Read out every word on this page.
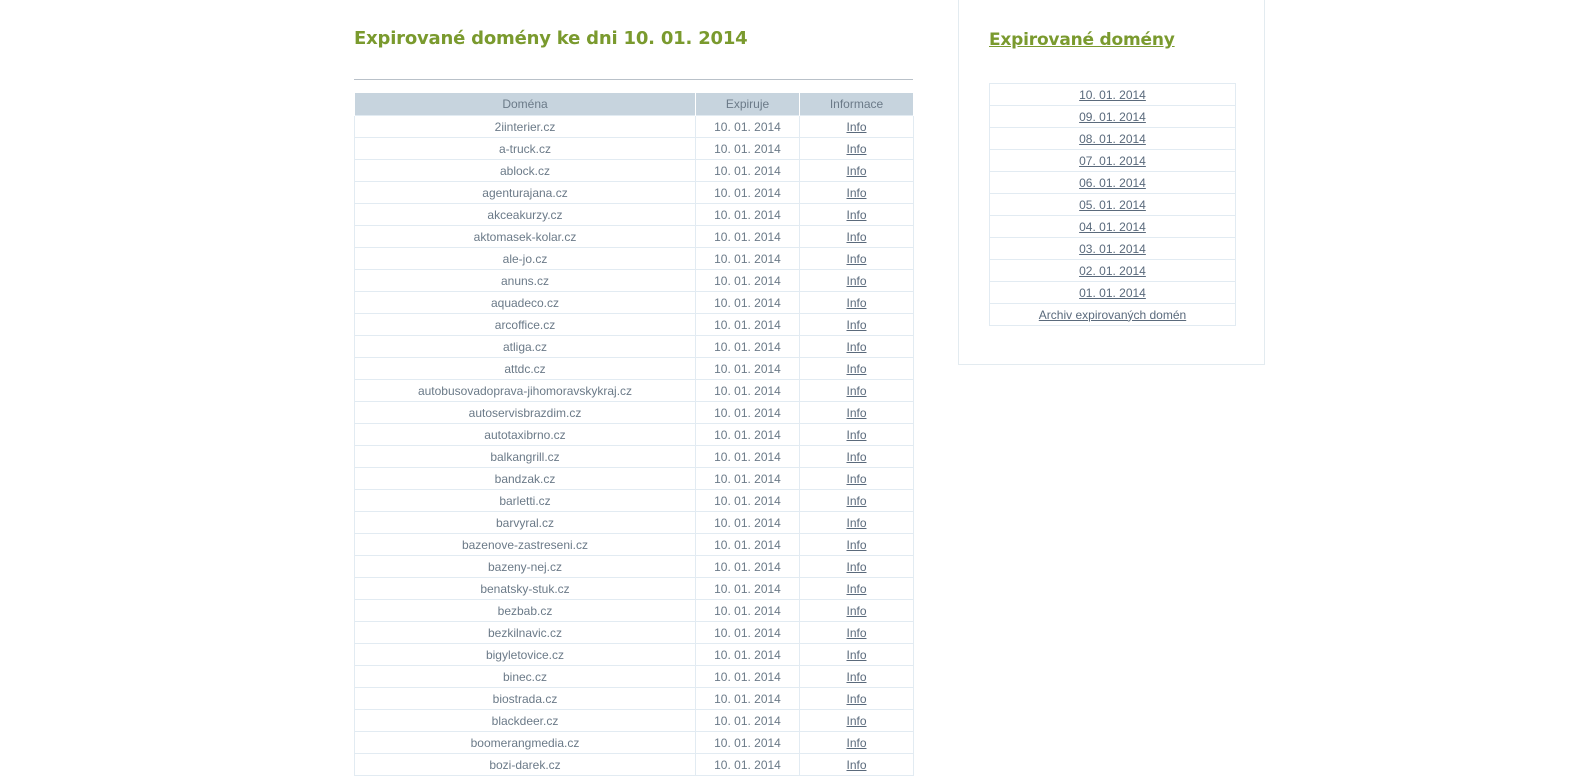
Expirované domény ke dni 10. 01. 2014
Doména	Expiruje	Informace
2iinterier.cz	10. 01. 2014	Info
a-truck.cz	10. 01. 2014	Info
ablock.cz	10. 01. 2014	Info
agenturajana.cz	10. 01. 2014	Info
akceakurzy.cz	10. 01. 2014	Info
aktomasek-kolar.cz	10. 01. 2014	Info
ale-jo.cz	10. 01. 2014	Info
anuns.cz	10. 01. 2014	Info
aquadeco.cz	10. 01. 2014	Info
arcoffice.cz	10. 01. 2014	Info
atliga.cz	10. 01. 2014	Info
attdc.cz	10. 01. 2014	Info
autobusovadoprava-jihomoravskykraj.cz	10. 01. 2014	Info
autoservisbrazdim.cz	10. 01. 2014	Info
autotaxibrno.cz	10. 01. 2014	Info
balkangrill.cz	10. 01. 2014	Info
bandzak.cz	10. 01. 2014	Info
barletti.cz	10. 01. 2014	Info
barvyral.cz	10. 01. 2014	Info
bazenove-zastreseni.cz	10. 01. 2014	Info
bazeny-nej.cz	10. 01. 2014	Info
benatsky-stuk.cz	10. 01. 2014	Info
bezbab.cz	10. 01. 2014	Info
bezkilnavic.cz	10. 01. 2014	Info
bigyletovice.cz	10. 01. 2014	Info
binec.cz	10. 01. 2014	Info
biostrada.cz	10. 01. 2014	Info
blackdeer.cz	10. 01. 2014	Info
boomerangmedia.cz	10. 01. 2014	Info
bozi-darek.cz	10. 01. 2014	Info
Expirované domény
10. 01. 2014
09. 01. 2014
08. 01. 2014
07. 01. 2014
06. 01. 2014
05. 01. 2014
04. 01. 2014
03. 01. 2014
02. 01. 2014
01. 01. 2014
Archiv expirovaných domén
